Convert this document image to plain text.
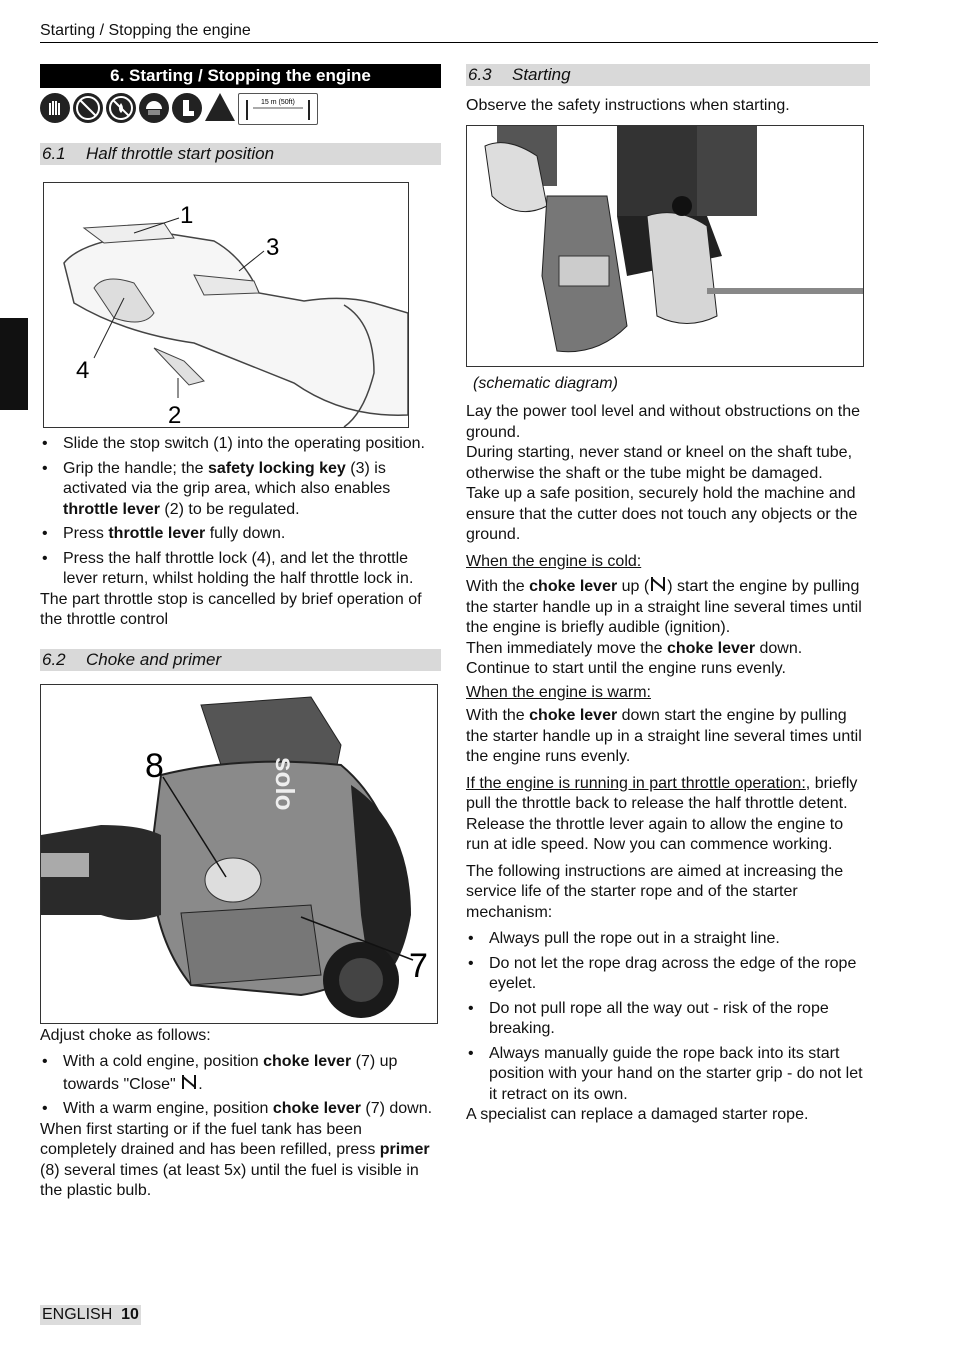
Starting / Stopping the engine
6. Starting / Stopping the engine
15 m (50ft)
6.1 Half throttle start position
1
2
3
4
• Slide the stop switch (1) into the operating position.
• Grip the handle; the safety locking key (3) is activated via the grip area, which also enables throttle lever (2) to be regulated.
• Press throttle lever fully down.
• Press the half throttle lock (4), and let the throttle lever return, whilst holding the half throttle lock in.

The part throttle stop is cancelled by brief operation of the throttle control

6.2 Choke and primer
solo
8
7

Adjust choke as follows:

• With a cold engine, position choke lever (7) up towards "Close" .
• With a warm engine, position choke lever (7) down.

When first starting or if the fuel tank has been completely drained and has been refilled, press primer (8) several times (at least 5x) until the fuel is visible in the plastic bulb.

6.3 Starting

Observe the safety instructions when starting.

(schematic diagram)

Lay the power tool level and without obstructions on the ground.

During starting, never stand or kneel on the shaft tube, otherwise the shaft or the tube might be damaged.

Take up a safe position, securely hold the machine and ensure that the cutter does not touch any objects or the ground.

When the engine is cold:

With the choke lever up ( ) start the engine by pulling the starter handle up in a straight line several times until the engine is briefly audible (ignition).

Then immediately move the choke lever down.

Continue to start until the engine runs evenly.

When the engine is warm:

With the choke lever down start the engine by pulling the starter handle up in a straight line several times until the engine runs evenly.

If the engine is running in part throttle operation:, briefly pull the throttle back to release the half throttle detent. Release the throttle lever again to allow the engine to run at idle speed. Now you can commence working.

The following instructions are aimed at increasing the service life of the starter rope and of the starter mechanism:

• Always pull the rope out in a straight line.
• Do not let the rope drag across the edge of the rope eyelet.
• Do not pull rope all the way out - risk of the rope breaking.
• Always manually guide the rope back into its start position with your hand on the starter grip - do not let it retract on its own.

A specialist can replace a damaged starter rope.

ENGLISH 10
